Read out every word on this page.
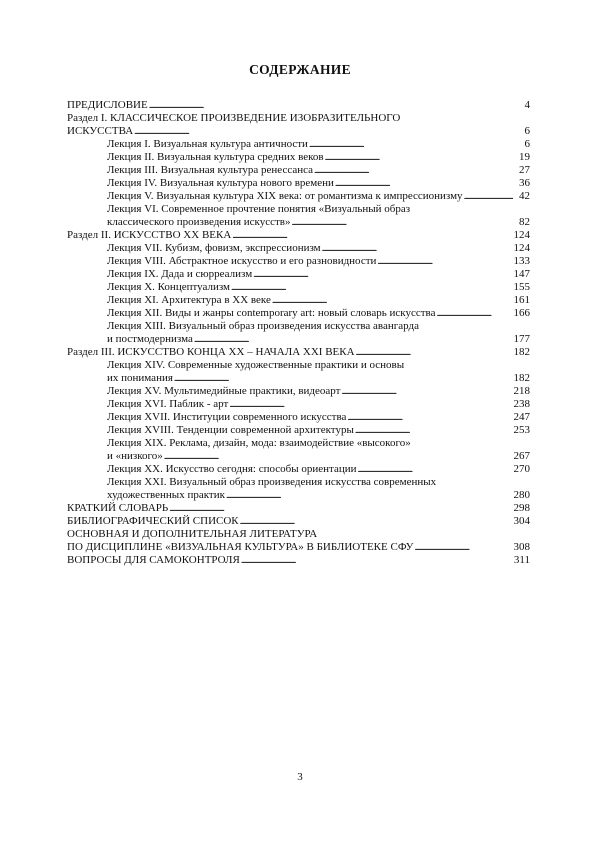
СОДЕРЖАНИЕ
ПРЕДИСЛОВИЕ . . .	4
Раздел I. КЛАССИЧЕСКОЕ ПРОИЗВЕДЕНИЕ ИЗОБРАЗИТЕЛЬНОГО
ИСКУССТВА . . .	6
Лекция I. Визуальная культура античности . . .	6
Лекция II. Визуальная культура средних веков . . .	19
Лекция III. Визуальная культура ренессанса . . .	27
Лекция IV. Визуальная культура нового времени . . .	36
Лекция V. Визуальная культура XIX века: от романтизма к импрессионизму . . .	42
Лекция VI. Современное прочтение понятия «Визуальный образ
классического произведения искусств» . . .	82
Раздел II. ИСКУССТВО XX ВЕКА . . .	124
Лекция VII. Кубизм, фовизм, экспрессионизм . . .	124
Лекция VIII. Абстрактное искусство и его разновидности . . .	133
Лекция IX. Дада и сюрреализм . . .	147
Лекция X. Концептуализм . . .	155
Лекция XI. Архитектура в XX веке . . .	161
Лекция XII. Виды и жанры contemporary art: новый словарь искусства . . .	166
Лекция XIII. Визуальный образ произведения искусства авангарда
и постмодернизма . . .	177
Раздел III. ИСКУССТВО КОНЦА XX – НАЧАЛА XXI ВЕКА . . .	182
Лекция XIV. Современные художественные практики и основы
их понимания . . .	182
Лекция XV. Мультимедийные практики, видеоарт . . .	218
Лекция XVI. Паблик - арт . . .	238
Лекция XVII. Институции современного искусства . . .	247
Лекция XVIII. Тенденции современной архитектуры . . .	253
Лекция XIX. Реклама, дизайн, мода: взаимодействие «высокого»
и «низкого» . . .	267
Лекция XX. Искусство сегодня: способы ориентации . . .	270
Лекция XXI. Визуальный образ произведения искусства современных
художественных практик . . .	280
КРАТКИЙ СЛОВАРЬ . . .	298
БИБЛИОГРАФИЧЕСКИЙ СПИСОК . . .	304
ОСНОВНАЯ И ДОПОЛНИТЕЛЬНАЯ ЛИТЕРАТУРА
ПО ДИСЦИПЛИНЕ «ВИЗУАЛЬНАЯ КУЛЬТУРА» В БИБЛИОТЕКЕ СФУ . . .	308
ВОПРОСЫ ДЛЯ САМОКОНТРОЛЯ . . .	311
3
